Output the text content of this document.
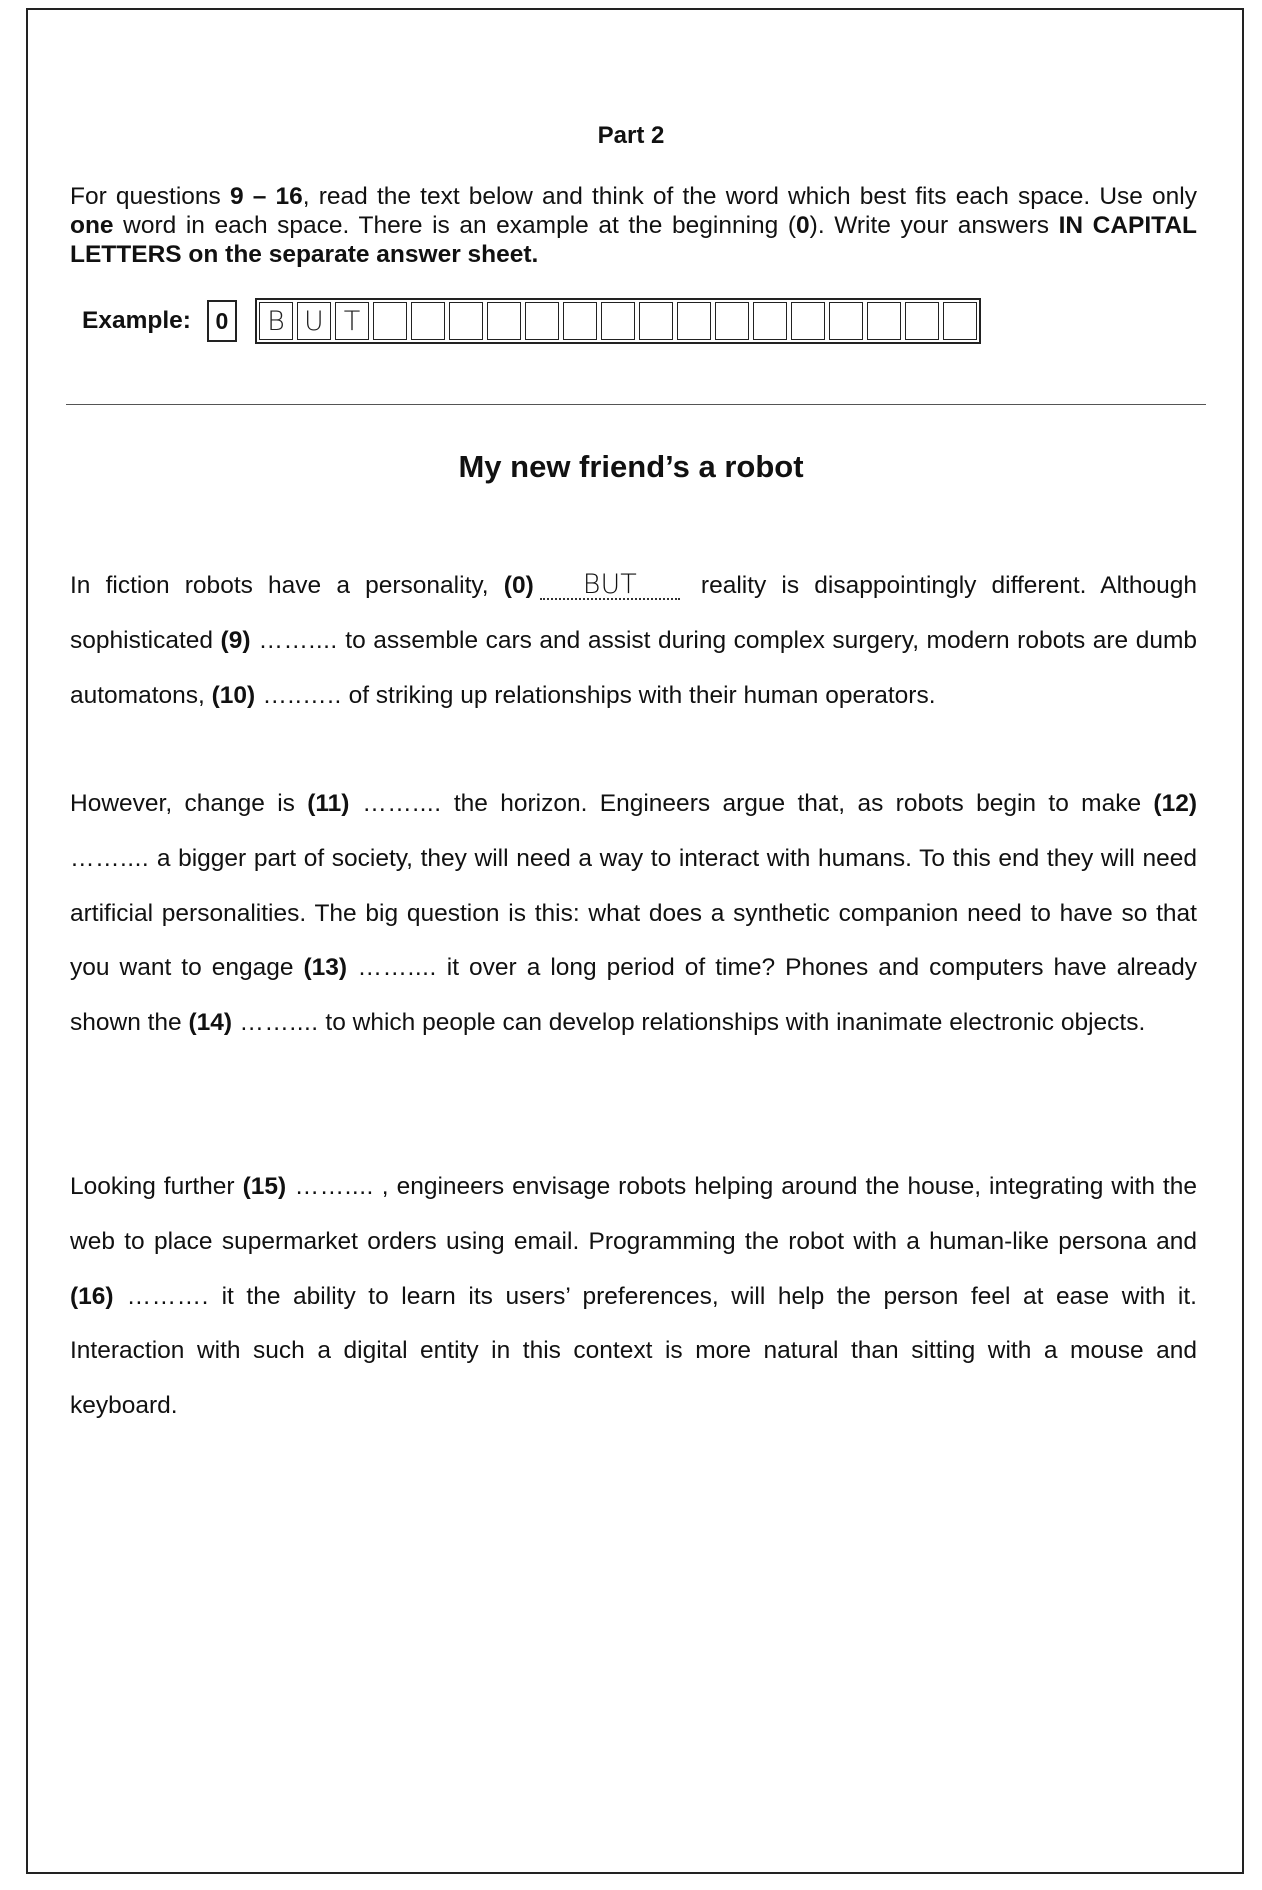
Part 2
For questions 9 – 16, read the text below and think of the word which best fits each space. Use only one word in each space. There is an example at the beginning (0). Write your answers IN CAPITAL LETTERS on the separate answer sheet.
Example:	0	B U T
My new friend’s a robot

In fiction robots have a personality, (0) BUT reality is disappointingly different. Although sophisticated (9) …….... to assemble cars and assist during complex surgery, modern robots are dumb automatons, (10) …..….. of striking up relationships with their human operators.

However, change is (11) …….... the horizon. Engineers argue that, as robots begin to make (12) …….... a bigger part of society, they will need a way to interact with humans. To this end they will need artificial personalities. The big question is this: what does a synthetic companion need to have so that you want to engage (13) …….... it over a long period of time? Phones and computers have already shown the (14) …….... to which people can develop relationships with inanimate electronic objects.

Looking further (15) …….... , engineers envisage robots helping around the house, integrating with the web to place supermarket orders using email. Programming the robot with a human-like persona and (16) ………. it the ability to learn its users’ preferences, will help the person feel at ease with it. Interaction with such a digital entity in this context is more natural than sitting with a mouse and keyboard.
